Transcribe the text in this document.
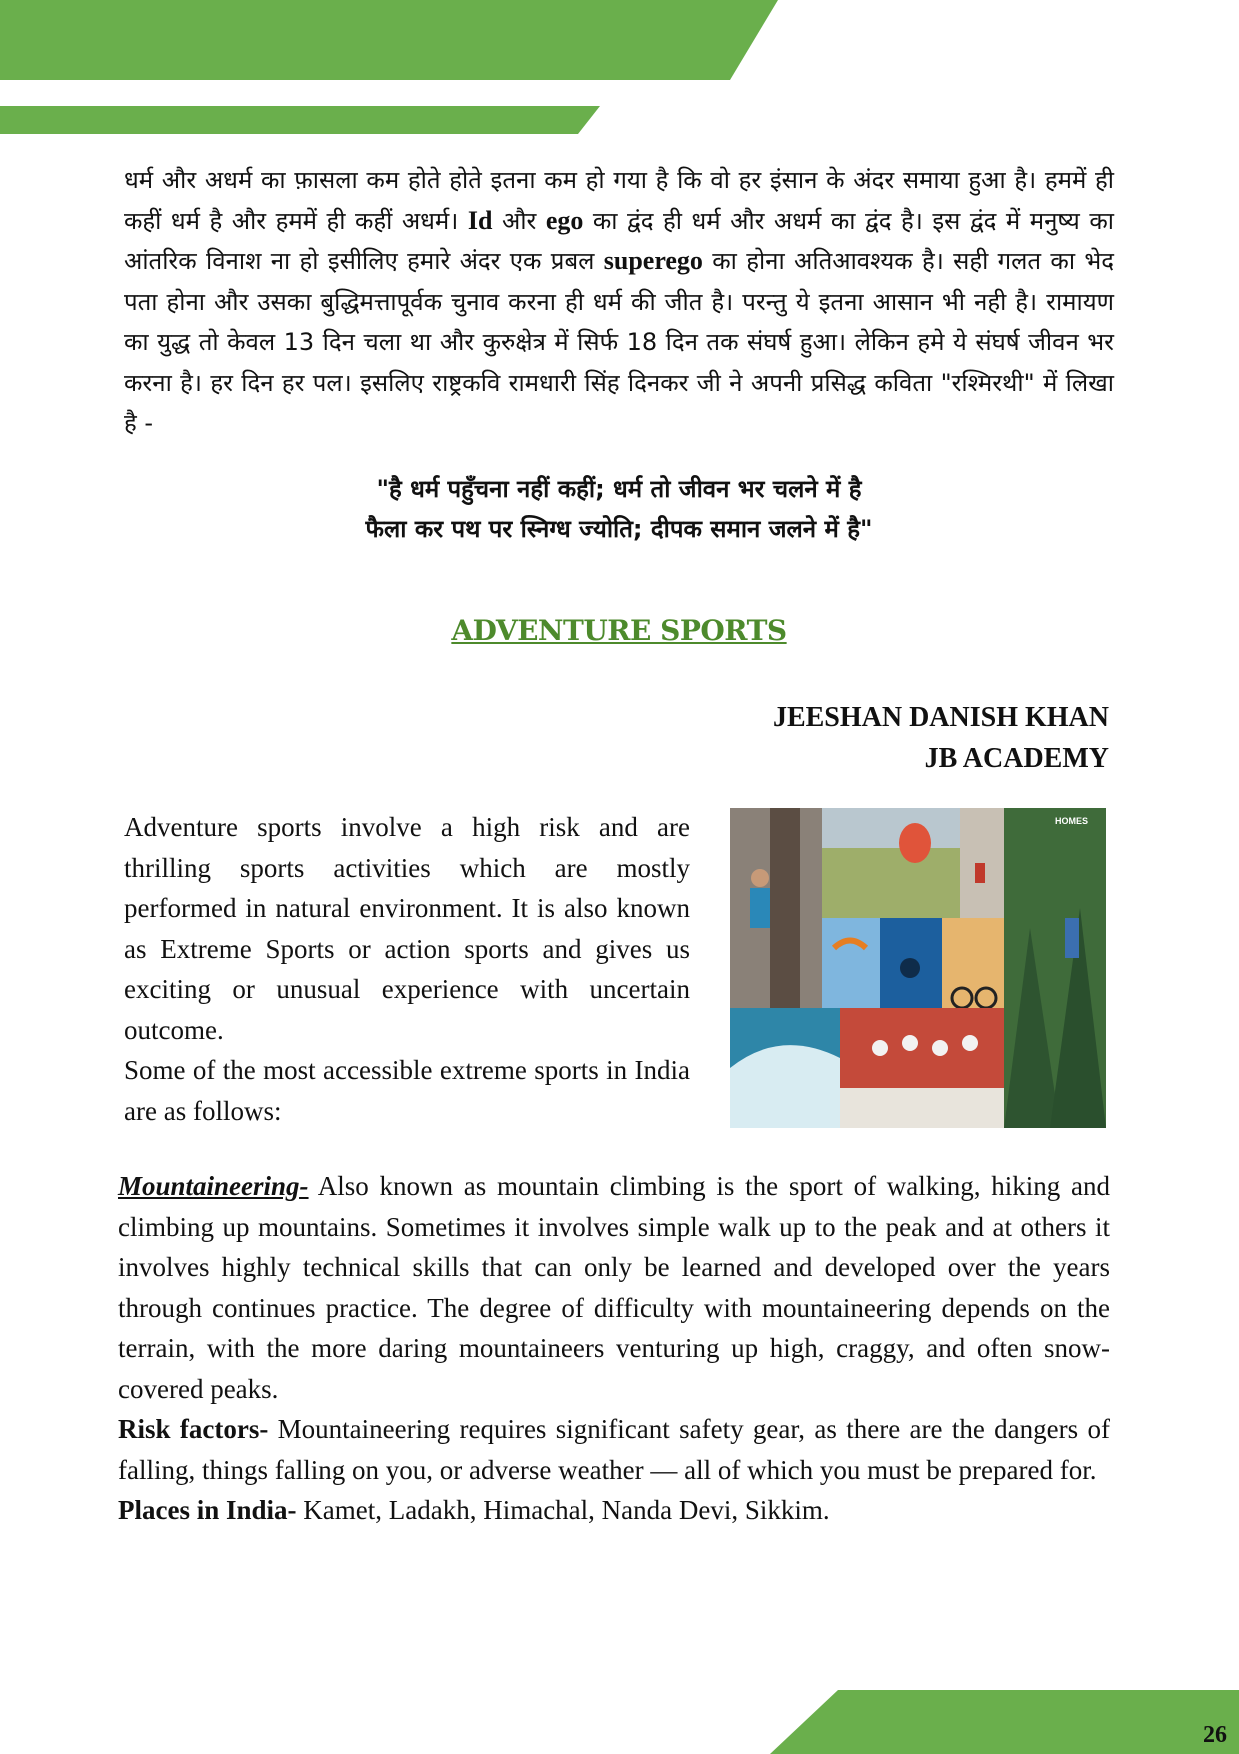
धर्म और अधर्म का फ़ासला कम होते होते इतना कम हो गया है कि वो हर इंसान के अंदर समाया हुआ है। हममें ही कहीं धर्म है और हममें ही कहीं अधर्म। Id और ego का द्वंद ही धर्म और अधर्म का द्वंद है। इस द्वंद में मनुष्य का आंतरिक विनाश ना हो इसीलिए हमारे अंदर एक प्रबल superego का होना अतिआवश्यक है। सही गलत का भेद पता होना और उसका बुद्धिमत्तापूर्वक चुनाव करना ही धर्म की जीत है। परन्तु ये इतना आसान भी नही है। रामायण का युद्ध तो केवल 13 दिन चला था और कुरुक्षेत्र में सिर्फ 18 दिन तक संघर्ष हुआ। लेकिन हमे ये संघर्ष जीवन भर करना है। हर दिन हर पल। इसलिए राष्ट्रकवि रामधारी सिंह दिनकर जी ने अपनी प्रसिद्ध कविता "रश्मिरथी" में लिखा है -
"है धर्म पहुँचना नहीं कहीं; धर्म तो जीवन भर चलने में है
फैला कर पथ पर स्निग्ध ज्योति; दीपक समान जलने में है"
ADVENTURE SPORTS
JEESHAN DANISH KHAN
JB ACADEMY

Adventure sports involve a high risk and are thrilling sports activities which are mostly performed in natural environment. It is also known as Extreme Sports or action sports and gives us exciting or unusual experience with uncertain outcome.

Some of the most accessible extreme sports in India are as follows:

HOMES

Mountaineering- Also known as mountain climbing is the sport of walking, hiking and climbing up mountains. Sometimes it involves simple walk up to the peak and at others it involves highly technical skills that can only be learned and developed over the years through continues practice. The degree of difficulty with mountaineering depends on the terrain, with the more daring mountaineers venturing up high, craggy, and often snow-covered peaks.

Risk factors- Mountaineering requires significant safety gear, as there are the dangers of falling, things falling on you, or adverse weather — all of which you must be prepared for.

Places in India- Kamet, Ladakh, Himachal, Nanda Devi, Sikkim.

26
